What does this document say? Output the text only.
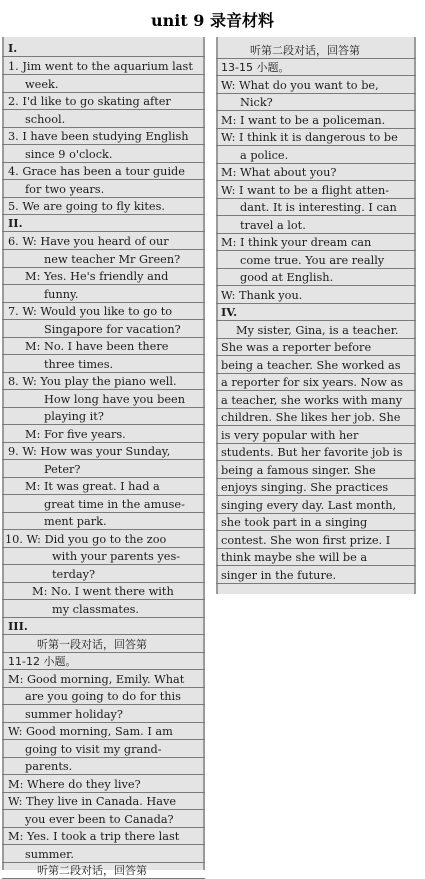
unit 9 录音材料
I.
1. Jim went to the aquarium last
week.
2. I'd like to go skating after
school.
3. I have been studying English
since 9 o'clock.
4. Grace has been a tour guide
for two years.
5. We are going to fly kites.
II.
6. W: Have you heard of our
new teacher Mr Green?
M: Yes. He's friendly and
funny.
7. W: Would you like to go to
Singapore for vacation?
M: No. I have been there
three times.
8. W: You play the piano well.
How long have you been
playing it?
M: For five years.
9. W: How was your Sunday,
Peter?
M: It was great. I had a
great time in the amuse-
ment park.
10. W: Did you go to the zoo
with your parents yes-
terday?
M: No. I went there with
my classmates.
III.
听第一段对话，回答第
11-12 小题。
M: Good morning, Emily. What
are you going to do for this
summer holiday?
W: Good morning, Sam. I am
going to visit my grand-
parents.
M: Where do they live?
W: They live in Canada. Have
you ever been to Canada?
M: Yes. I took a trip there last
summer.
听第二段对话，回答第
听第二段对话，回答第
13-15 小题。
W: What do you want to be,
Nick?
M: I want to be a policeman.
W: I think it is dangerous to be
a police.
M: What about you?
W: I want to be a flight atten-
dant. It is interesting. I can
travel a lot.
M: I think your dream can
come true. You are really
good at English.
W: Thank you.
IV.
My sister, Gina, is a teacher.
She was a reporter before
being a teacher. She worked as
a reporter for six years. Now as
a teacher, she works with many
children. She likes her job. She
is very popular with her
students. But her favorite job is
being a famous singer. She
enjoys singing. She practices
singing every day. Last month,
she took part in a singing
contest. She won first prize. I
think maybe she will be a
singer in the future.
